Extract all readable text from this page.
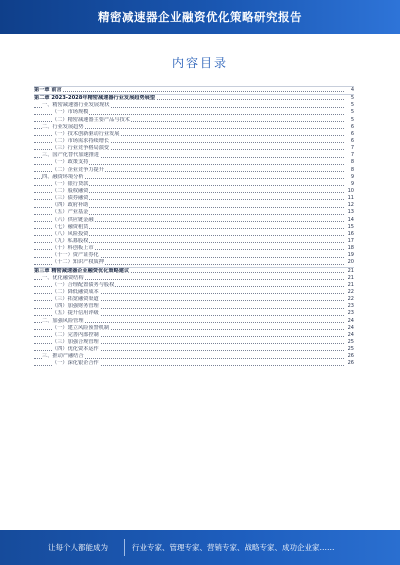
精密减速器企业融资优化策略研究报告
内容目录
第一章 前言	4
第二章 2023-2028年精密减速器行业发展趋势展望	5
一、精密减速器行业发展现状	5
（一）市场规模	5
（二）精密减速器主要产品与技术	5
二、行业发展趋势	6
（一）技术创新驱动行业发展	6
（二）市场需求持续增长	6
（三）行业竞争格局演变	7
三、国产化替代加速推进	7
（一）政策支持	8
（二）企业竞争力提升	8
四、融资环境分析	9
（一）银行贷款	9
（二）股权融资	10
（三）债券融资	11
（四）政府补助	12
（五）产业基金	13
（六）供应链金融	14
（七）融资租赁	15
（八）风险投资	16
（九）私募股权	17
（十）科创板上市	18
（十一）资产证券化	19
（十二）知识产权质押	20
第三章 精密减速器企业融资优化策略建议	21
一、优化融资结构	21
（一）合理配置债务与股权	21
（二）降低融资成本	22
（三）拓宽融资渠道	22
（四）加强财务管理	23
（五）提升信用评级	23
二、加强风险管理	24
（一）建立风险预警机制	24
（二）完善内部控制	24
（三）加强合规管理	25
（四）优化资本运作	25
三、推动产融结合	26
（一）深化银企合作	26
让每个人都能成为	行业专家、管理专家、营销专家、战略专家、成功企业家……
